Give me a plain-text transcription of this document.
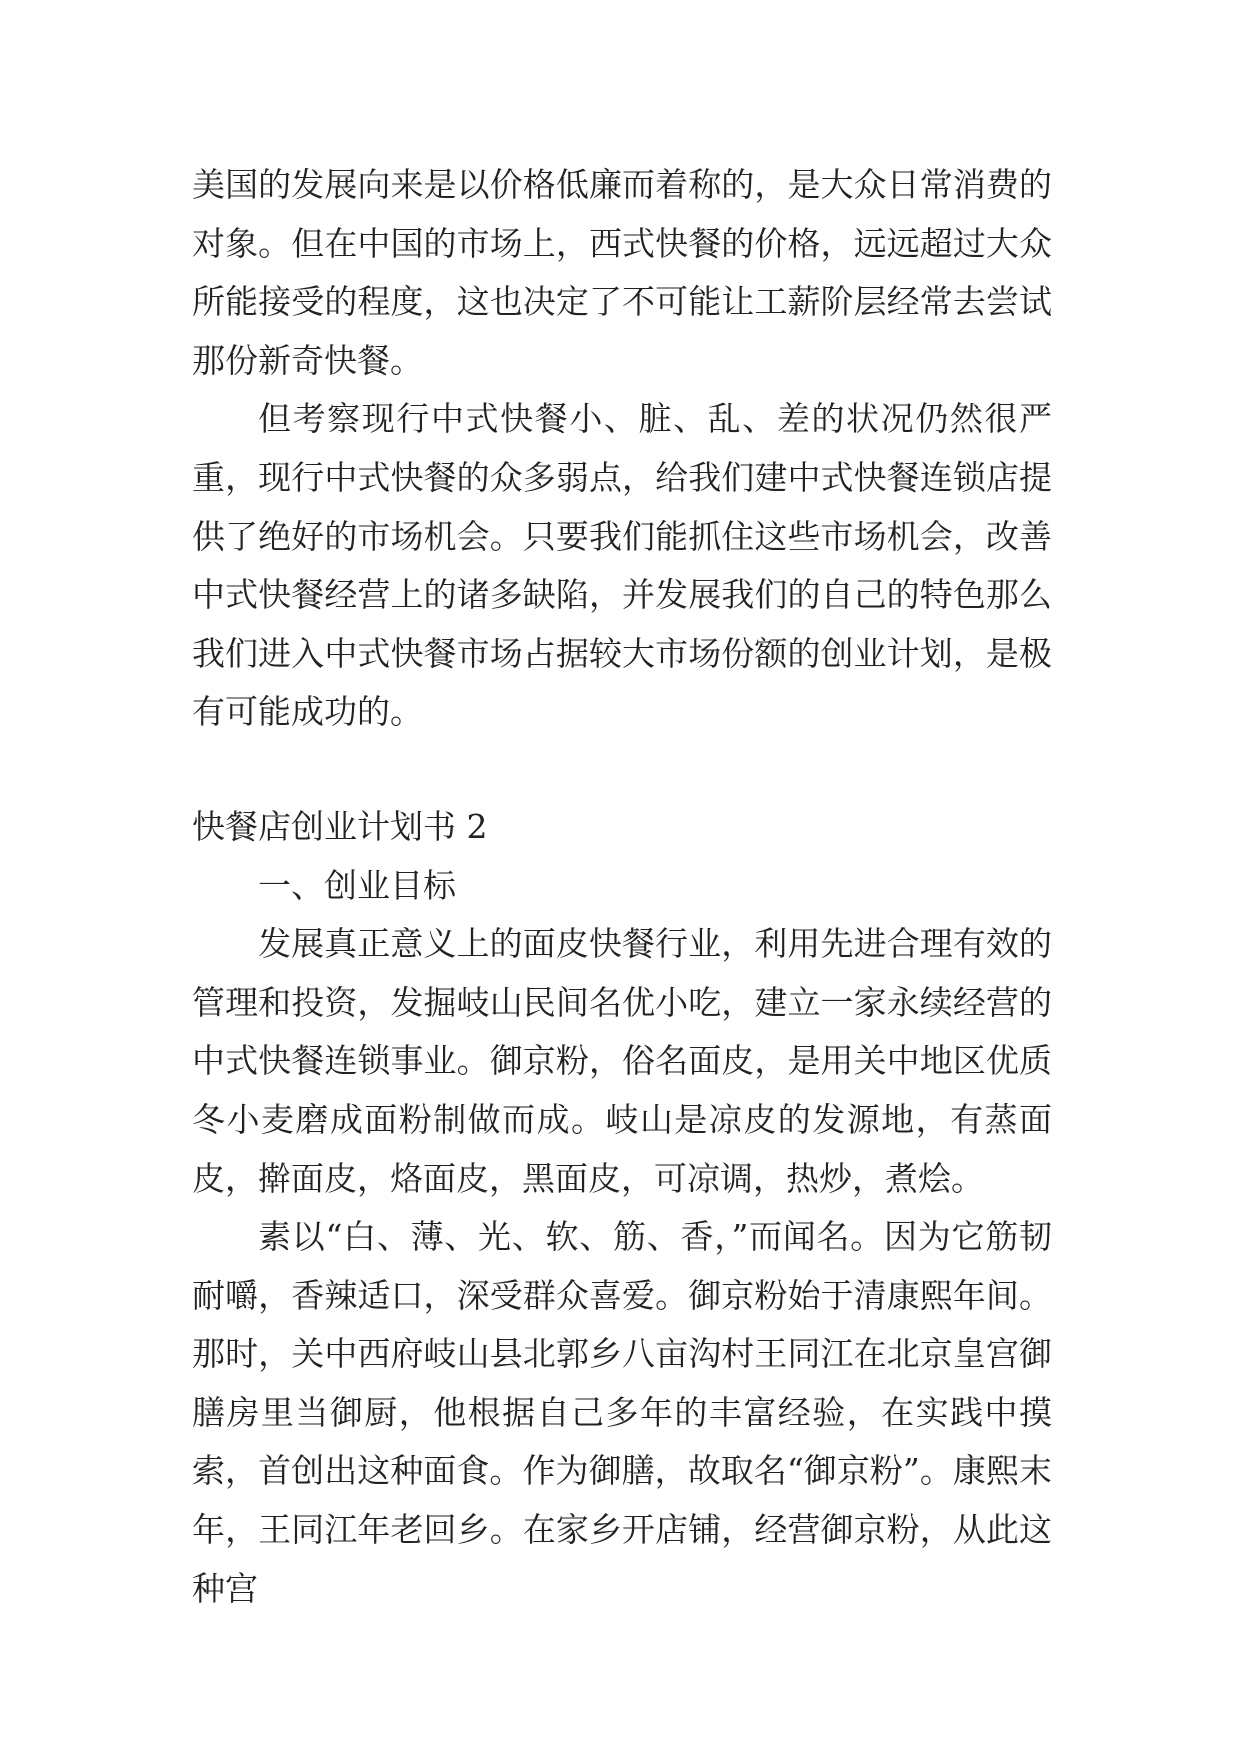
美国的发展向来是以价格低廉而着称的，是大众日常消费的对象。但在中国的市场上，西式快餐的价格，远远超过大众所能接受的程度，这也决定了不可能让工薪阶层经常去尝试那份新奇快餐。

但考察现行中式快餐小、脏、乱、差的状况仍然很严重，现行中式快餐的众多弱点，给我们建中式快餐连锁店提供了绝好的市场机会。只要我们能抓住这些市场机会，改善中式快餐经营上的诸多缺陷，并发展我们的自己的特色那么我们进入中式快餐市场占据较大市场份额的创业计划，是极有可能成功的。

快餐店创业计划书 2

一、创业目标

发展真正意义上的面皮快餐行业，利用先进合理有效的管理和投资，发掘岐山民间名优小吃，建立一家永续经营的中式快餐连锁事业。御京粉，俗名面皮，是用关中地区优质冬小麦磨成面粉制做而成。岐山是凉皮的发源地，有蒸面皮，擀面皮，烙面皮，黑面皮，可凉调，热炒，煮烩。

素以“白、薄、光、软、筋、香，”而闻名。因为它筋韧耐嚼，香辣适口，深受群众喜爱。御京粉始于清康熙年间。那时，关中西府岐山县北郭乡八亩沟村王同江在北京皇宫御膳房里当御厨，他根据自己多年的丰富经验，在实践中摸索，首创出这种面食。作为御膳，故取名“御京粉”。康熙末年，王同江年老回乡。在家乡开店铺，经营御京粉，从此这种宫
